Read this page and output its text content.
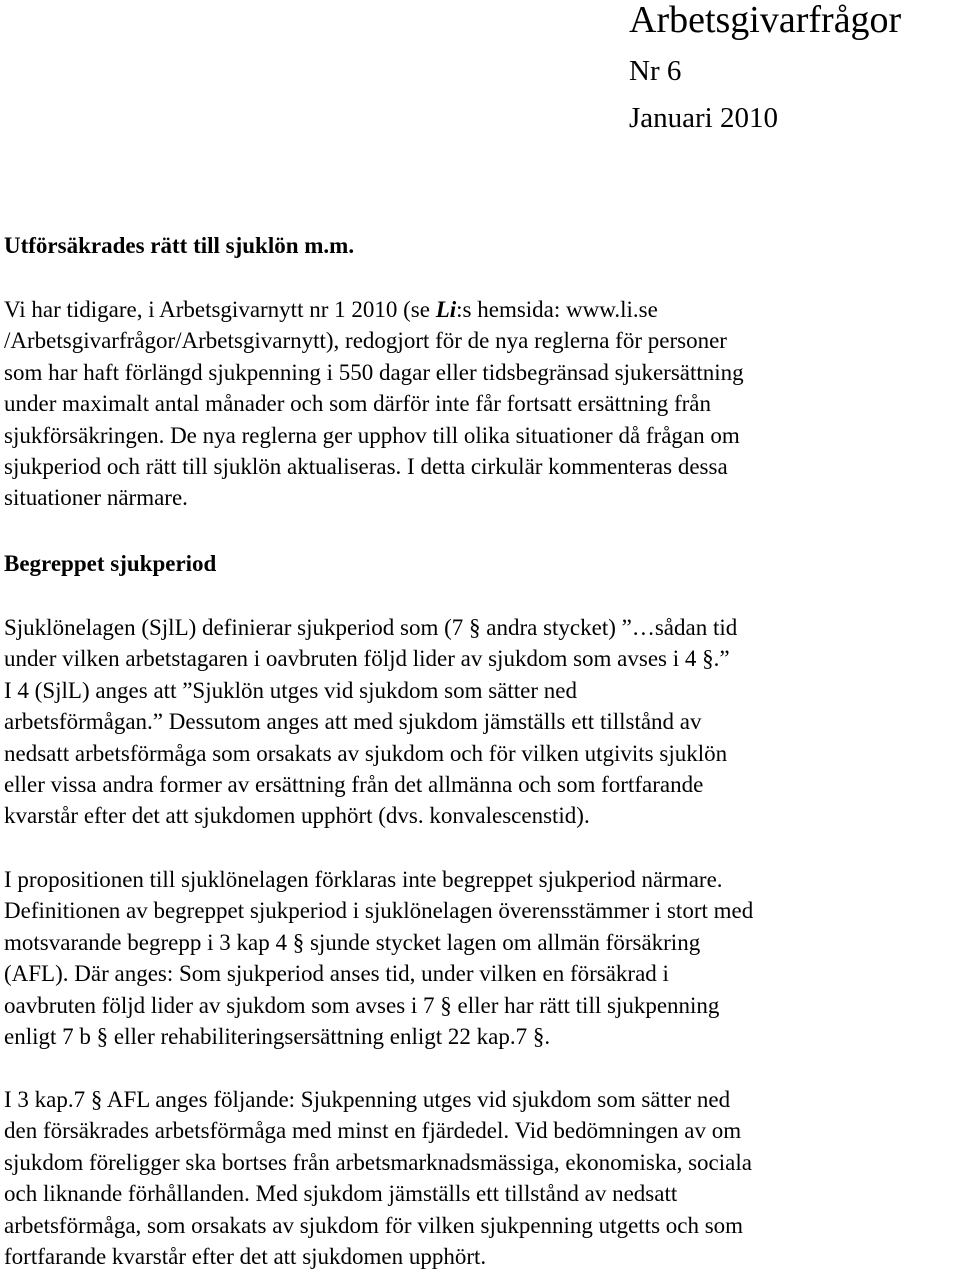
Arbetsgivarfrågor

Nr 6

Januari 2010

Utförsäkrades rätt till sjuklön m.m.

Vi har tidigare, i Arbetsgivarnytt nr 1 2010 (se Li:s hemsida: www.li.se
/Arbetsgivarfrågor/Arbetsgivarnytt), redogjort för de nya reglerna för personer
som har haft förlängd sjukpenning i 550 dagar eller tidsbegränsad sjukersättning
under maximalt antal månader och som därför inte får fortsatt ersättning från
sjukförsäkringen. De nya reglerna ger upphov till olika situationer då frågan om
sjukperiod och rätt till sjuklön aktualiseras. I detta cirkulär kommenteras dessa
situationer närmare.

Begreppet sjukperiod

Sjuklönelagen (SjlL) definierar sjukperiod som (7 § andra stycket) ”…sådan tid
under vilken arbetstagaren i oavbruten följd lider av sjukdom som avses i 4 §.”
I 4 (SjlL) anges att ”Sjuklön utges vid sjukdom som sätter ned
arbetsförmågan.” Dessutom anges att med sjukdom jämställs ett tillstånd av
nedsatt arbetsförmåga som orsakats av sjukdom och för vilken utgivits sjuklön
eller vissa andra former av ersättning från det allmänna och som fortfarande
kvarstår efter det att sjukdomen upphört (dvs. konvalescenstid).

I propositionen till sjuklönelagen förklaras inte begreppet sjukperiod närmare.
Definitionen av begreppet sjukperiod i sjuklönelagen överensstämmer i stort med
motsvarande begrepp i 3 kap 4 § sjunde stycket lagen om allmän försäkring
(AFL). Där anges: Som sjukperiod anses tid, under vilken en försäkrad i
oavbruten följd lider av sjukdom som avses i 7 § eller har rätt till sjukpenning
enligt 7 b § eller rehabiliteringsersättning enligt 22 kap.7 §.

I 3 kap.7 § AFL anges följande: Sjukpenning utges vid sjukdom som sätter ned
den försäkrades arbetsförmåga med minst en fjärdedel. Vid bedömningen av om
sjukdom föreligger ska bortses från arbetsmarknadsmässiga, ekonomiska, sociala
och liknande förhållanden. Med sjukdom jämställs ett tillstånd av nedsatt
arbetsförmåga, som orsakats av sjukdom för vilken sjukpenning utgetts och som
fortfarande kvarstår efter det att sjukdomen upphört.
